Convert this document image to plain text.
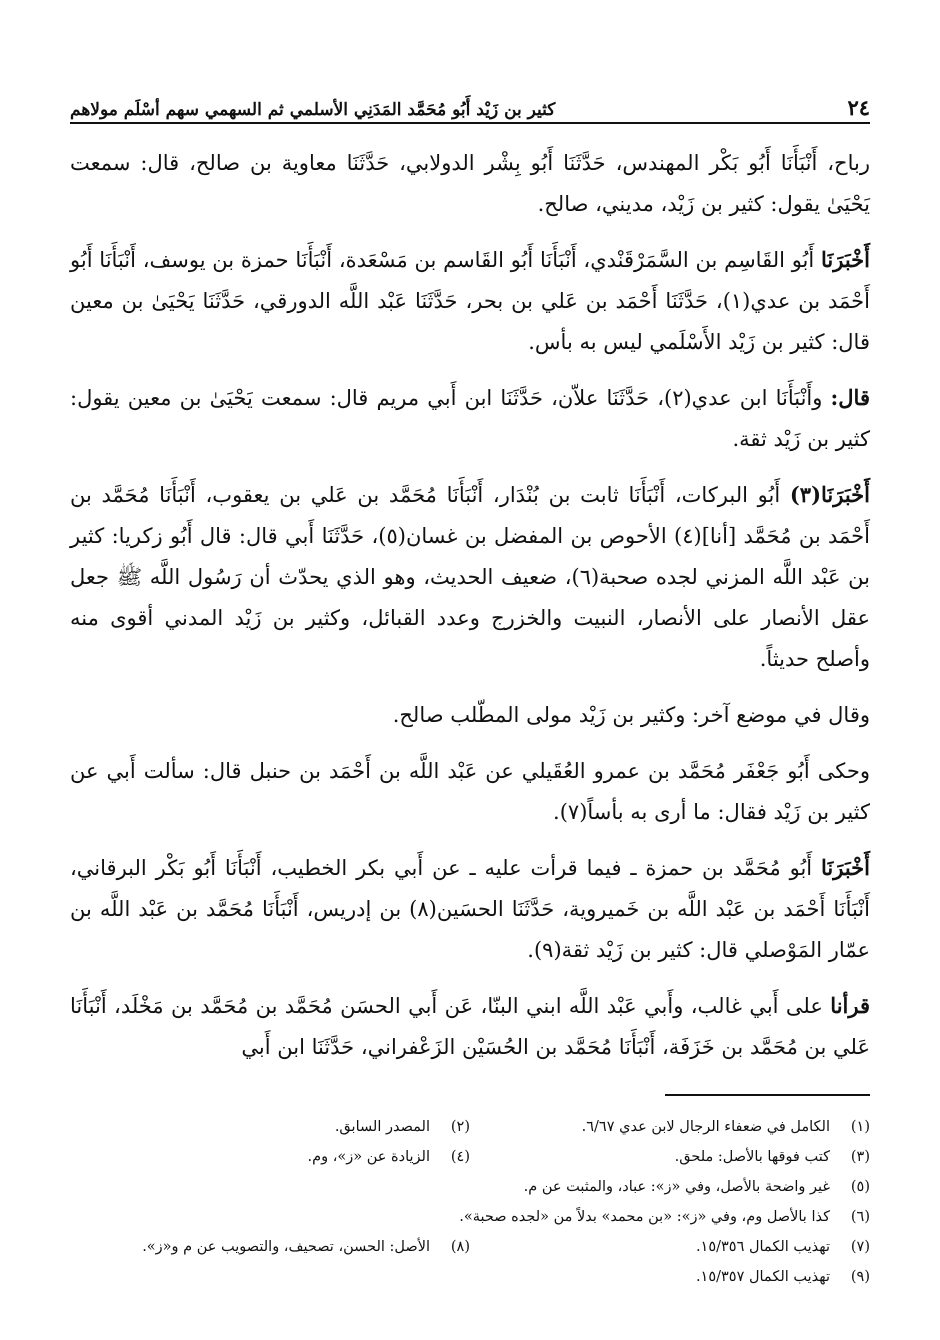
٢٤
كثير بن زَيْد أَبُو مُحَمَّد المَدَنِي الأسلمي ثم السهمي سهم أسْلَم مولاهم

رباح، أَنْبَأَنَا أَبُو بَكْر المهندس، حَدَّثَنَا أَبُو بِشْر الدولابي، حَدَّثَنَا معاوية بن صالح، قال: سمعت يَحْيَىٰ يقول: كثير بن زَيْد، مديني، صالح.

أَخْبَرَنَا أَبُو القَاسِم بن السَّمَرْقَنْدي، أَنْبَأَنَا أَبُو القَاسم بن مَسْعَدة، أَنْبَأَنَا حمزة بن يوسف، أَنْبَأَنَا أَبُو أَحْمَد بن عدي(١)، حَدَّثَنَا أَحْمَد بن عَلي بن بحر، حَدَّثَنَا عَبْد اللَّه الدورقي، حَدَّثَنَا يَحْيَىٰ بن معين قال: كثير بن زَيْد الأَسْلَمي ليس به بأس.

قال: وأَنْبَأَنَا ابن عدي(٢)، حَدَّثَنَا علاّن، حَدَّثَنَا ابن أَبي مريم قال: سمعت يَحْيَىٰ بن معين يقول: كثير بن زَيْد ثقة.

أَخْبَرَنَا(٣) أَبُو البركات، أَنْبَأَنَا ثابت بن بُنْدَار، أَنْبَأَنَا مُحَمَّد بن عَلي بن يعقوب، أَنْبَأَنَا مُحَمَّد بن أَحْمَد بن مُحَمَّد [أنا](٤) الأحوص بن المفضل بن غسان(٥)، حَدَّثَنَا أَبي قال: قال أَبُو زكريا: كثير بن عَبْد اللَّه المزني لجده صحبة(٦)، ضعيف الحديث، وهو الذي يحدّث أن رَسُول اللَّه ﷺ جعل عقل الأنصار على الأنصار، النبيت والخزرج وعدد القبائل، وكثير بن زَيْد المدني أقوى منه وأصلح حديثاً.

وقال في موضع آخر: وكثير بن زَيْد مولى المطّلب صالح.

وحكى أَبُو جَعْفَر مُحَمَّد بن عمرو العُقَيلي عن عَبْد اللَّه بن أَحْمَد بن حنبل قال: سألت أَبي عن كثير بن زَيْد فقال: ما أرى به بأساً(٧).

أَخْبَرَنَا أَبُو مُحَمَّد بن حمزة ـ فيما قرأت عليه ـ عن أَبي بكر الخطيب، أَنْبَأَنَا أَبُو بَكْر البرقاني، أَنْبَأَنَا أَحْمَد بن عَبْد اللَّه بن خَميروية، حَدَّثَنَا الحسَين(٨) بن إدريس، أَنْبَأَنَا مُحَمَّد بن عَبْد اللَّه بن عمّار المَوْصلي قال: كثير بن زَيْد ثقة(٩).

قرأنا على أَبي غالب، وأَبي عَبْد اللَّه ابني البنّا، عَن أَبي الحسَن مُحَمَّد بن مُحَمَّد بن مَخْلَد، أَنْبَأَنَا عَلي بن مُحَمَّد بن خَزَفَة، أَنْبَأَنَا مُحَمَّد بن الحُسَيْن الزَعْفراني، حَدَّثَنَا ابن أَبي

(١)
الكامل في ضعفاء الرجال لابن عدي ٦/٦٧.
(٢)
المصدر السابق.
(٣)
كتب فوقها بالأصل: ملحق.
(٤)
الزيادة عن «ز»، وم.
(٥)
غير واضحة بالأصل، وفي «ز»: عباد، والمثبت عن م.
(٦)
كذا بالأصل وم، وفي «ز»: «بن محمد» بدلاً من «لجده صحبة».
(٧)
تهذيب الكمال ١٥/٣٥٦.
(٨)
الأصل: الحسن، تصحيف، والتصويب عن م و«ز».
(٩)
تهذيب الكمال ١٥/٣٥٧.
